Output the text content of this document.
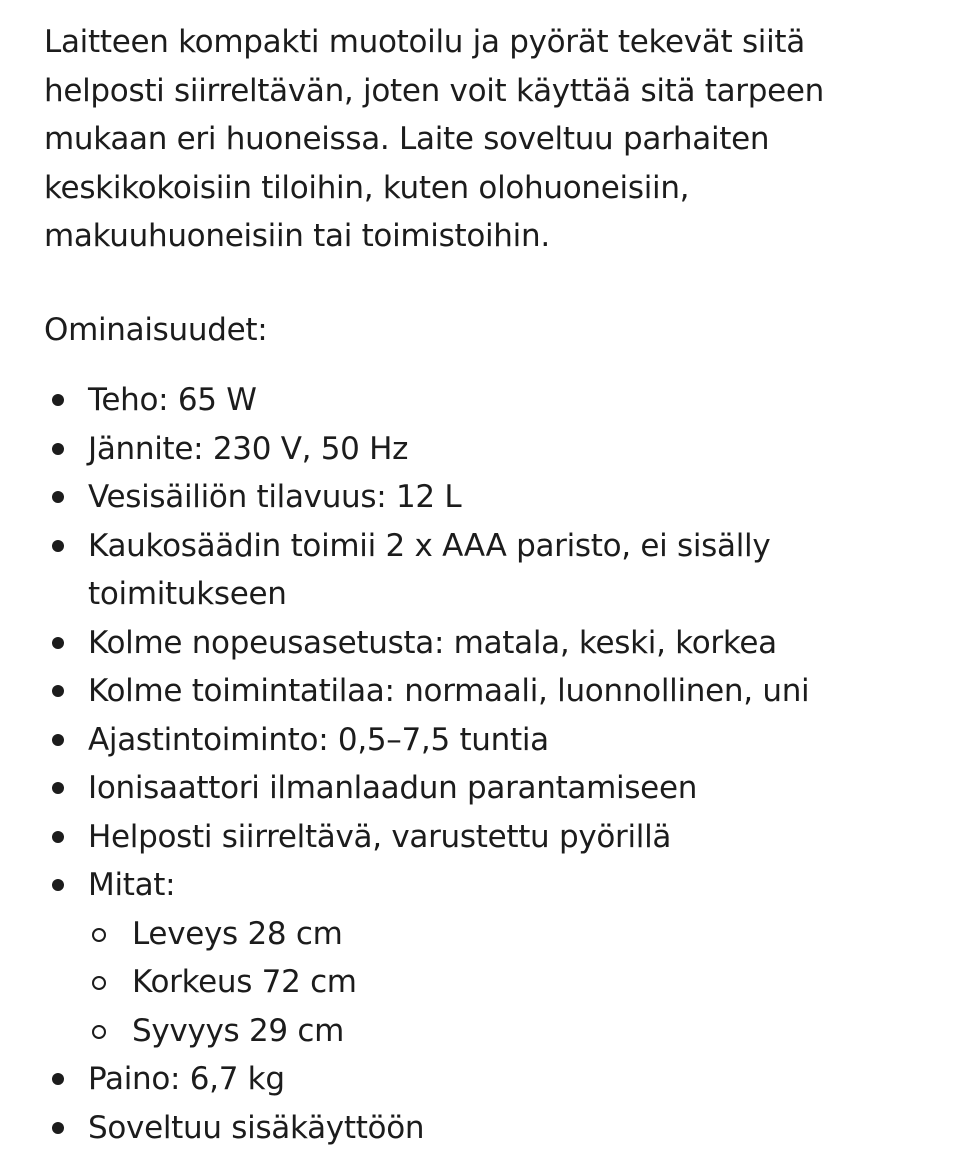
Laitteen kompakti muotoilu ja pyörät tekevät siitä helposti siirreltävän, joten voit käyttää sitä tarpeen mukaan eri huoneissa. Laite soveltuu parhaiten keskikokoisiin tiloihin, kuten olohuoneisiin, makuuhuoneisiin tai toimistoihin.

Ominaisuudet:

Teho: 65 W
Jännite: 230 V, 50 Hz
Vesisäiliön tilavuus: 12 L
Kaukosäädin toimii 2 x AAA paristo, ei sisälly toimitukseen
Kolme nopeusasetusta: matala, keski, korkea
Kolme toimintatilaa: normaali, luonnollinen, uni
Ajastintoiminto: 0,5–7,5 tuntia
Ionisaattori ilmanlaadun parantamiseen
Helposti siirreltävä, varustettu pyörillä
Mitat:
Leveys 28 cm
Korkeus 72 cm
Syvyys 29 cm
Paino: 6,7 kg
Soveltuu sisäkäyttöön
